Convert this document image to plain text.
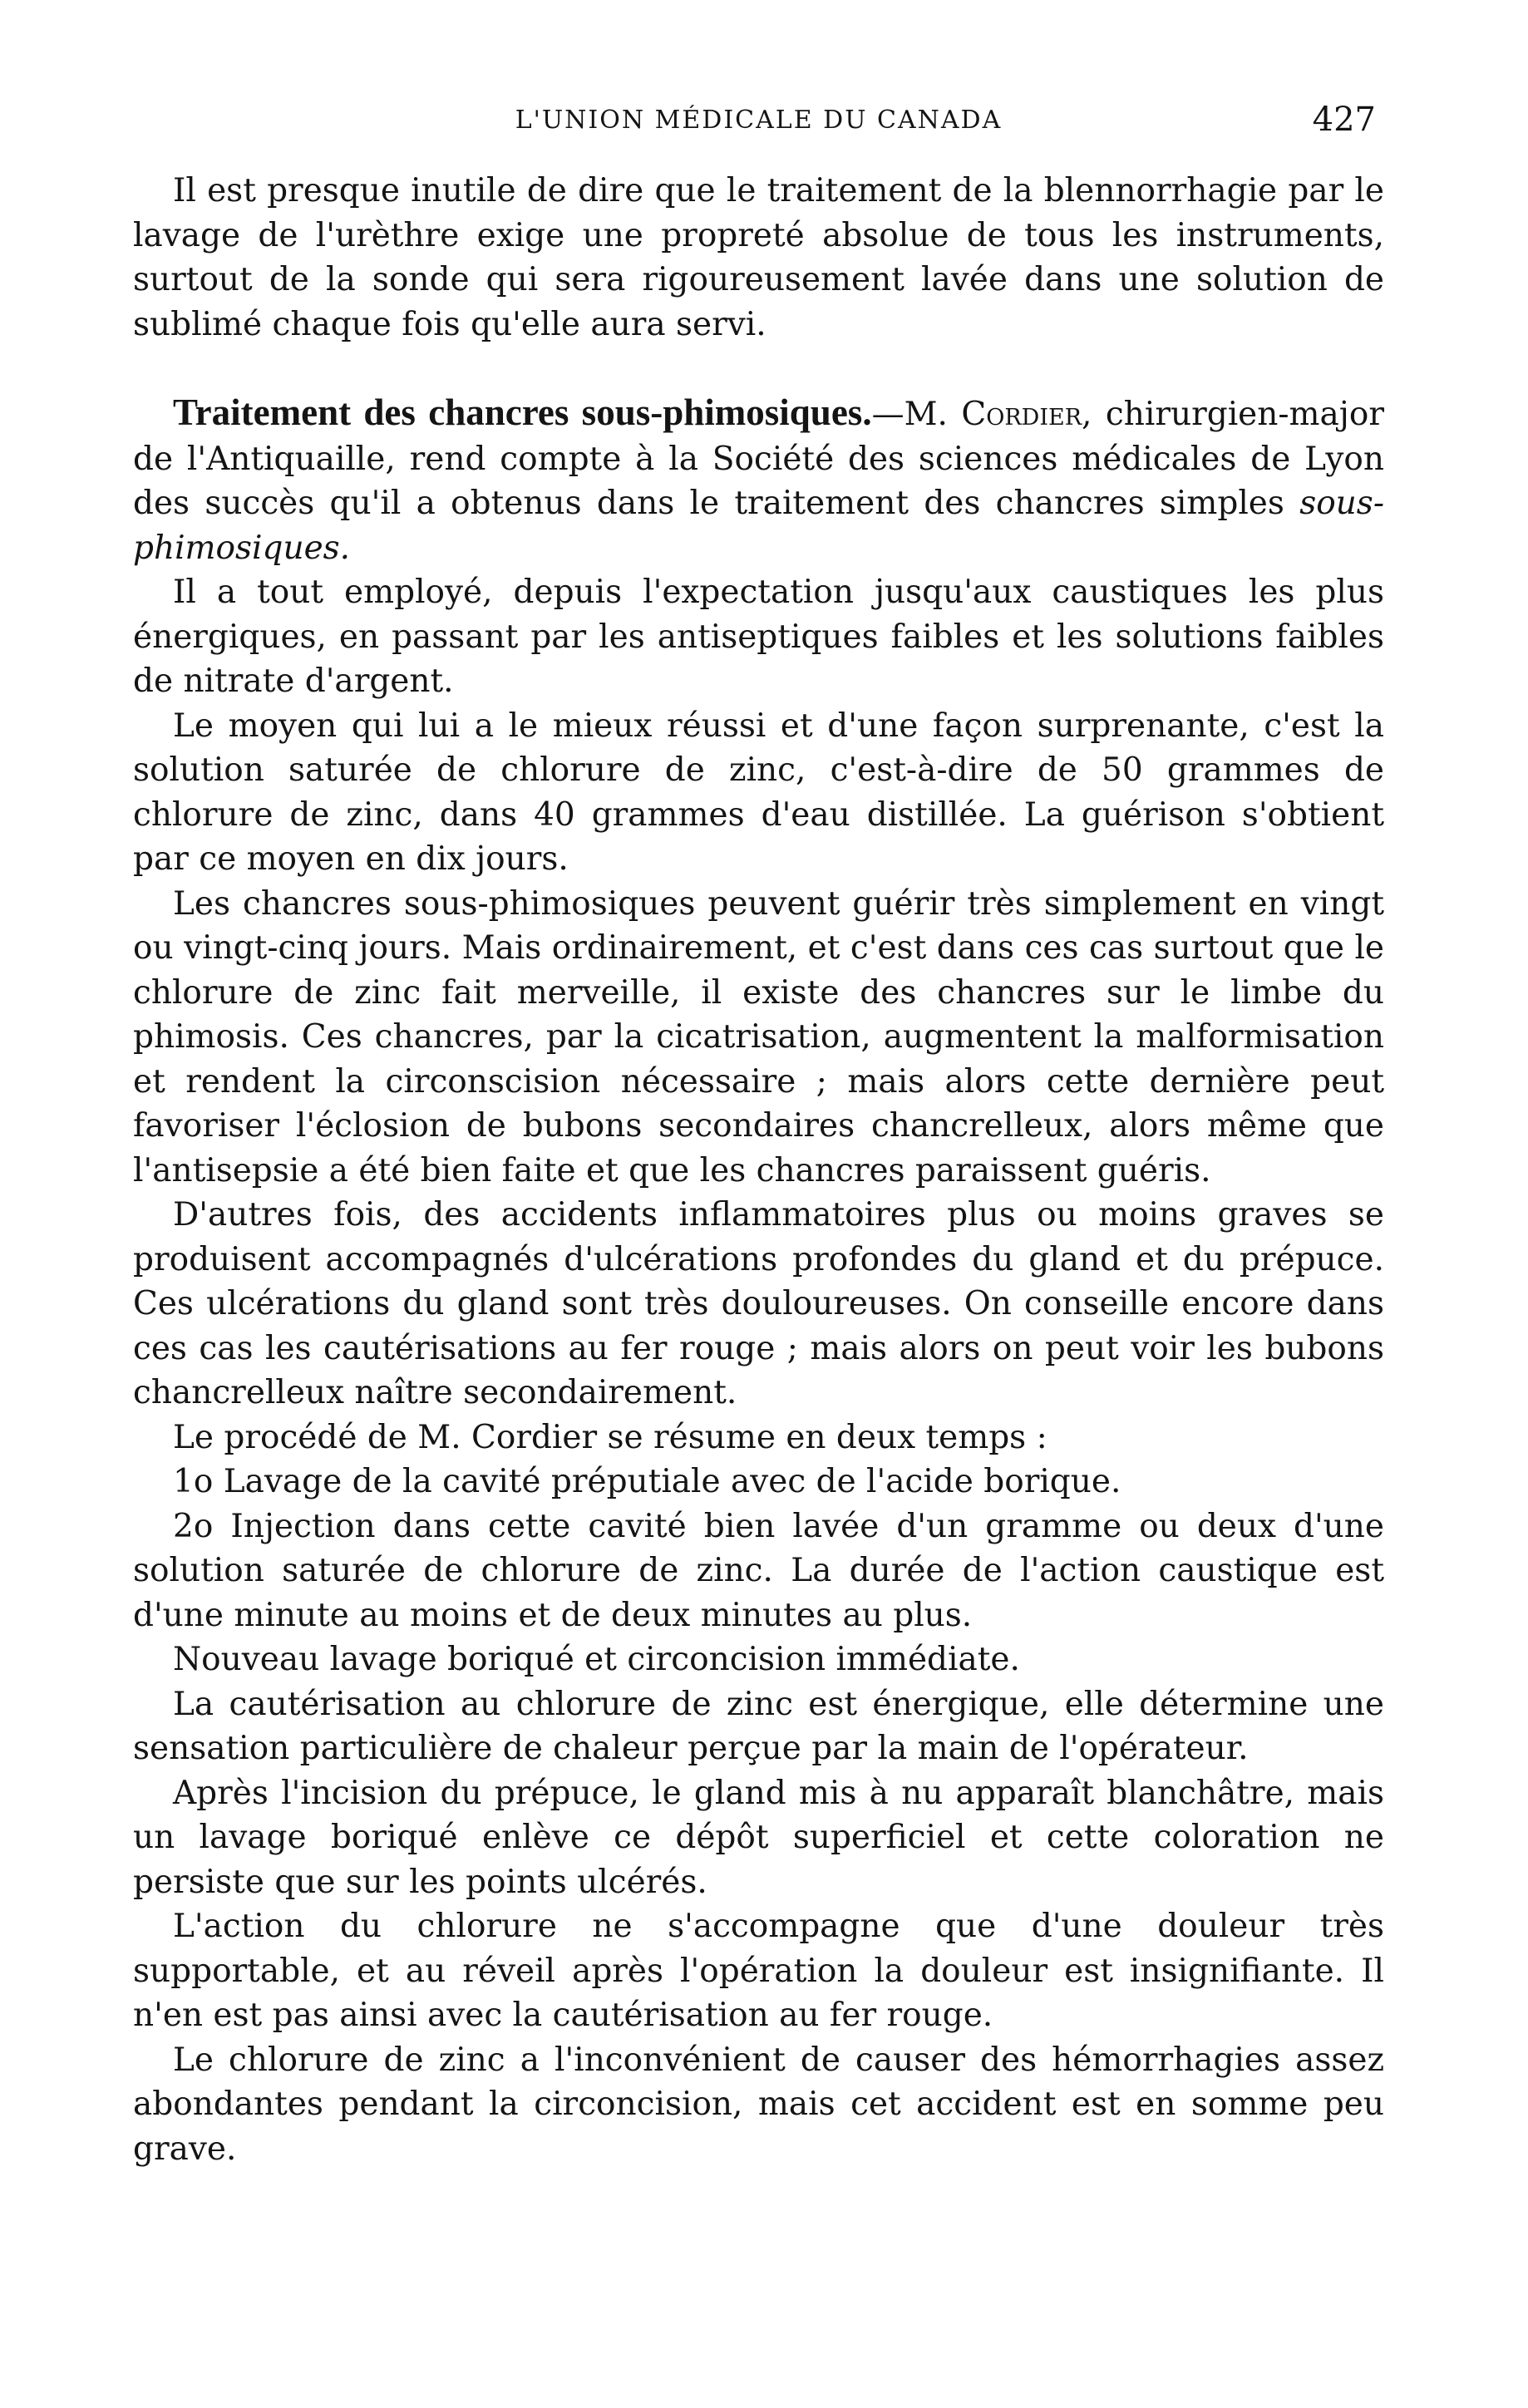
L'UNION MÉDICALE DU CANADA	427

Il est presque inutile de dire que le traitement de la blennorrhagie par le lavage de l'urèthre exige une propreté absolue de tous les instruments, surtout de la sonde qui sera rigoureusement lavée dans une solution de sublimé chaque fois qu'elle aura servi.

Traitement des chancres sous-phimosiques.—M. Cordier, chirurgien-major de l'Antiquaille, rend compte à la Société des sciences médicales de Lyon des succès qu'il a obtenus dans le traitement des chancres simples sous-phimosiques.

Il a tout employé, depuis l'expectation jusqu'aux caustiques les plus énergiques, en passant par les antiseptiques faibles et les solutions faibles de nitrate d'argent.

Le moyen qui lui a le mieux réussi et d'une façon surprenante, c'est la solution saturée de chlorure de zinc, c'est-à-dire de 50 grammes de chlorure de zinc, dans 40 grammes d'eau distillée. La guérison s'obtient par ce moyen en dix jours.

Les chancres sous-phimosiques peuvent guérir très simplement en vingt ou vingt-cinq jours. Mais ordinairement, et c'est dans ces cas surtout que le chlorure de zinc fait merveille, il existe des chancres sur le limbe du phimosis. Ces chancres, par la cicatrisation, augmentent la malformisation et rendent la circonscision nécessaire ; mais alors cette dernière peut favoriser l'éclosion de bubons secondaires chancrelleux, alors même que l'antisepsie a été bien faite et que les chancres paraissent guéris.

D'autres fois, des accidents inflammatoires plus ou moins graves se produisent accompagnés d'ulcérations profondes du gland et du prépuce. Ces ulcérations du gland sont très douloureuses. On conseille encore dans ces cas les cautérisations au fer rouge ; mais alors on peut voir les bubons chancrelleux naître secondairement.

Le procédé de M. Cordier se résume en deux temps :

1o Lavage de la cavité préputiale avec de l'acide borique.

2o Injection dans cette cavité bien lavée d'un gramme ou deux d'une solution saturée de chlorure de zinc. La durée de l'action caustique est d'une minute au moins et de deux minutes au plus.

Nouveau lavage boriqué et circoncision immédiate.

La cautérisation au chlorure de zinc est énergique, elle détermine une sensation particulière de chaleur perçue par la main de l'opérateur.

Après l'incision du prépuce, le gland mis à nu apparaît blanchâtre, mais un lavage boriqué enlève ce dépôt superficiel et cette coloration ne persiste que sur les points ulcérés.

L'action du chlorure ne s'accompagne que d'une douleur très supportable, et au réveil après l'opération la douleur est insignifiante. Il n'en est pas ainsi avec la cautérisation au fer rouge.

Le chlorure de zinc a l'inconvénient de causer des hémorrhagies assez abondantes pendant la circoncision, mais cet accident est en somme peu grave.
